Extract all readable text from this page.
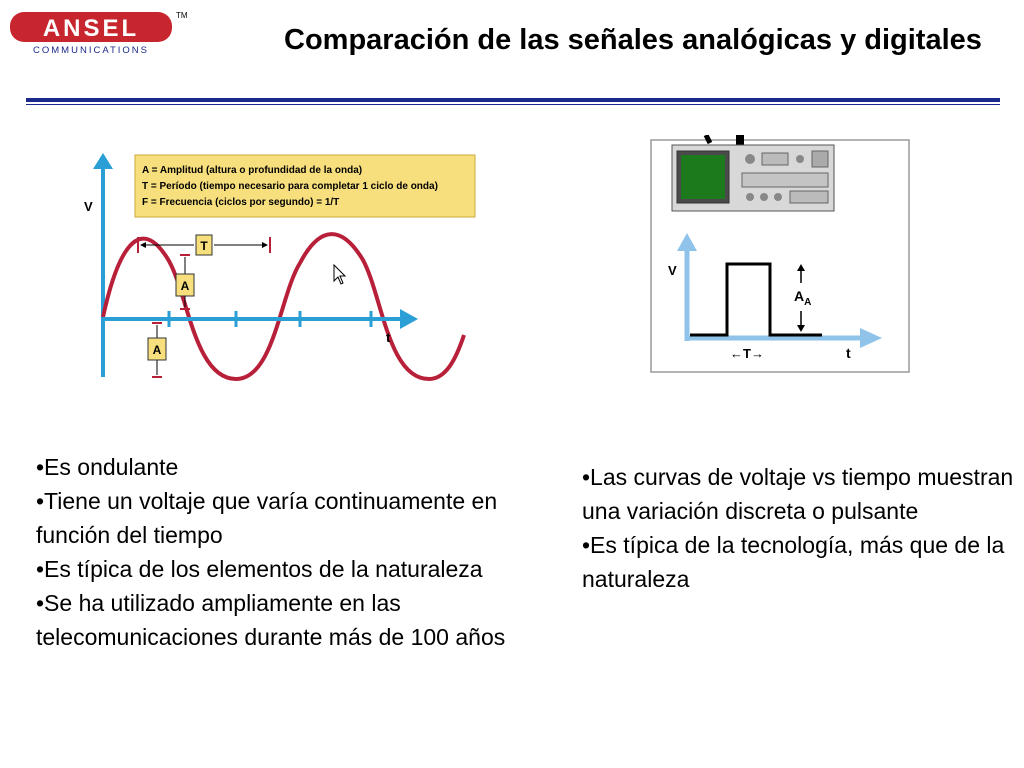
ANSEL	TM
COMMUNICATIONS	Comparación de las señales analógicas y digitales
A = Amplitud (altura o profundidad de la onda)
T = Período (tiempo necesario para completar 1 ciclo de onda)
F = Frecuencia (ciclos por segundo) = 1/T
V
t
T
A
A
V
t
←T→
$A_A$
•Es ondulante
•Tiene un voltaje que varía continuamente en función del tiempo
•Es típica de los elementos de la naturaleza
•Se ha utilizado ampliamente en las telecomunicaciones durante más de 100 años
•Las curvas de voltaje vs tiempo muestran una variación discreta o pulsante
•Es típica de la tecnología, más que de la naturaleza
